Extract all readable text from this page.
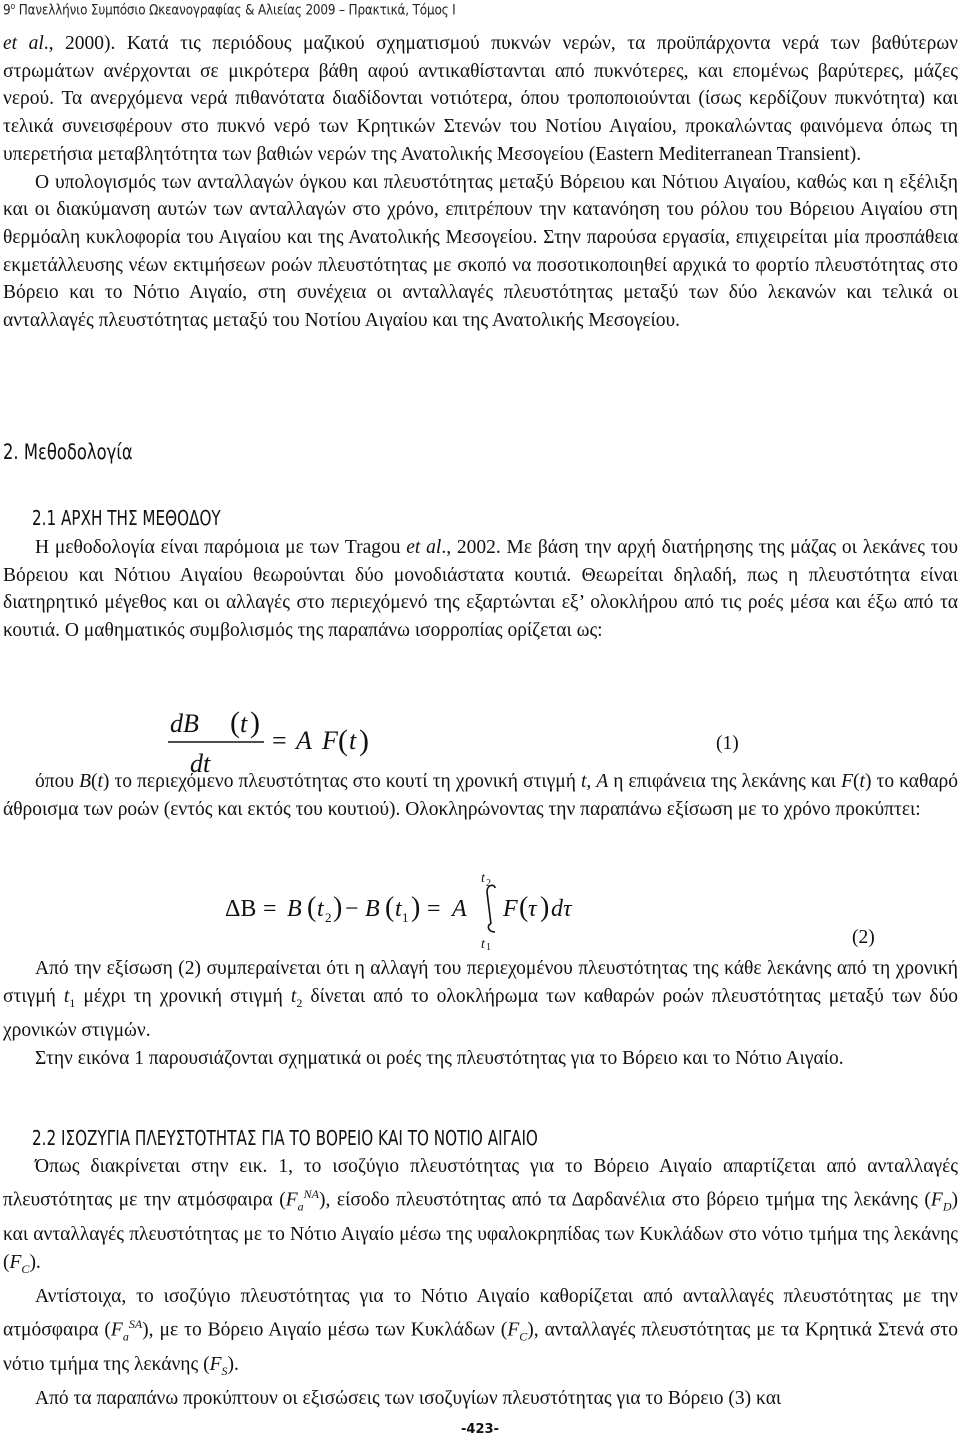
$9^o$ Πανελλήνιο Συμπόσιο Ωκεανογραφίας & Αλιείας 2009 – Πρακτικά, Τόμος I

et al., 2000). Κατά τις περιόδους μαζικού σχηματισμού πυκνών νερών, τα προϋπάρχοντα νερά των βαθύτερων στρωμάτων ανέρχονται σε μικρότερα βάθη αφού αντικαθίστανται από πυκνότερες, και επομένως βαρύτερες, μάζες νερού. Τα ανερχόμενα νερά πιθανότατα διαδίδονται νοτιότερα, όπου τροποποιούνται (ίσως κερδίζουν πυκνότητα) και τελικά συνεισφέρουν στο πυκνό νερό των Κρητικών Στενών του Νοτίου Αιγαίου, προκαλώντας φαινόμενα όπως τη υπερετήσια μεταβλητότητα των βαθιών νερών της Ανατολικής Μεσογείου (Eastern Mediterranean Transient).

Ο υπολογισμός των ανταλλαγών όγκου και πλευστότητας μεταξύ Βόρειου και Νότιου Αιγαίου, καθώς και η εξέλιξη και οι διακύμανση αυτών των ανταλλαγών στο χρόνο, επιτρέπουν την κατανόηση του ρόλου του Βόρειου Αιγαίου στη θερμόαλη κυκλοφορία του Αιγαίου και της Ανατολικής Μεσογείου. Στην παρούσα εργασία, επιχειρείται μία προσπάθεια εκμετάλλευσης νέων εκτιμήσεων ροών πλευστότητας με σκοπό να ποσοτικοποιηθεί αρχικά το φορτίο πλευστότητας στο Βόρειο και το Νότιο Αιγαίο, στη συνέχεια οι ανταλλαγές πλευστότητας μεταξύ των δύο λεκανών και τελικά οι ανταλλαγές πλευστότητας μεταξύ του Νοτίου Αιγαίου και της Ανατολικής Μεσογείου.

2. Μεθοδολογία
2.1 ΑΡΧΗ ΤΗΣ ΜΕΘΟΔΟΥ

Η μεθοδολογία είναι παρόμοια με των Tragou et al., 2002. Με βάση την αρχή διατήρησης της μάζας οι λεκάνες του Βόρειου και Νότιου Αιγαίου θεωρούνται δύο μονοδιάστατα κουτιά. Θεωρείται δηλαδή, πως η πλευστότητα είναι διατηρητικό μέγεθος και οι αλλαγές στο περιεχόμενό της εξαρτώνται εξ’ ολοκλήρου από τις ροές μέσα και έξω από τα κουτιά. Ο μαθηματικός συμβολισμός της παραπάνω ισορροπίας ορίζεται ως:

dB ( t )
dt
= A F ( t )	(1)

όπου B(t) το περιεχόμενο πλευστότητας στο κουτί τη χρονική στιγμή t, A η επιφάνεια της λεκάνης και F(t) το καθαρό άθροισμα των ροών (εντός και εκτός του κουτιού). Ολοκληρώνοντας την παραπάνω εξίσωση με το χρόνο προκύπτει:

ΔB = B ( t 2 ) − B ( t 1 ) = A
t 2
t 1
F ( τ ) dτ
(2)

Από την εξίσωση (2) συμπεραίνεται ότι η αλλαγή του περιεχομένου πλευστότητας της κάθε λεκάνης από τη χρονική στιγμή $t_1$ μέχρι τη χρονική στιγμή $t_2$ δίνεται από το ολοκλήρωμα των καθαρών ροών πλευστότητας μεταξύ των δύο χρονικών στιγμών.

Στην εικόνα 1 παρουσιάζονται σχηματικά οι ροές της πλευστότητας για το Βόρειο και το Νότιο Αιγαίο.

2.2 ΙΣΟΖΥΓΙΑ ΠΛΕΥΣΤΟΤΗΤΑΣ ΓΙΑ ΤΟ ΒΟΡΕΙΟ ΚΑΙ ΤΟ ΝΟΤΙΟ ΑΙΓΑΙΟ

Όπως διακρίνεται στην εικ. 1, το ισοζύγιο πλευστότητας για το Βόρειο Αιγαίο απαρτίζεται από ανταλλαγές πλευστότητας με την ατμόσφαιρα $(F_a^{NA})$, είσοδο πλευστότητας από τα Δαρδανέλια στο βόρειο τμήμα της λεκάνης $(F_D)$ και ανταλλαγές πλευστότητας με το Νότιο Αιγαίο μέσω της υφαλοκρηπίδας των Κυκλάδων στο νότιο τμήμα της λεκάνης $(F_C)$.

Αντίστοιχα, το ισοζύγιο πλευστότητας για το Νότιο Αιγαίο καθορίζεται από ανταλλαγές πλευστότητας με την ατμόσφαιρα $(F_a^{SA})$, με το Βόρειο Αιγαίο μέσω των Κυκλάδων $(F_C)$, ανταλλαγές πλευστότητας με τα Κρητικά Στενά στο νότιο τμήμα της λεκάνης $(F_S)$.

Από τα παραπάνω προκύπτουν οι εξισώσεις των ισοζυγίων πλευστότητας για το Βόρειο (3) και

-423-
